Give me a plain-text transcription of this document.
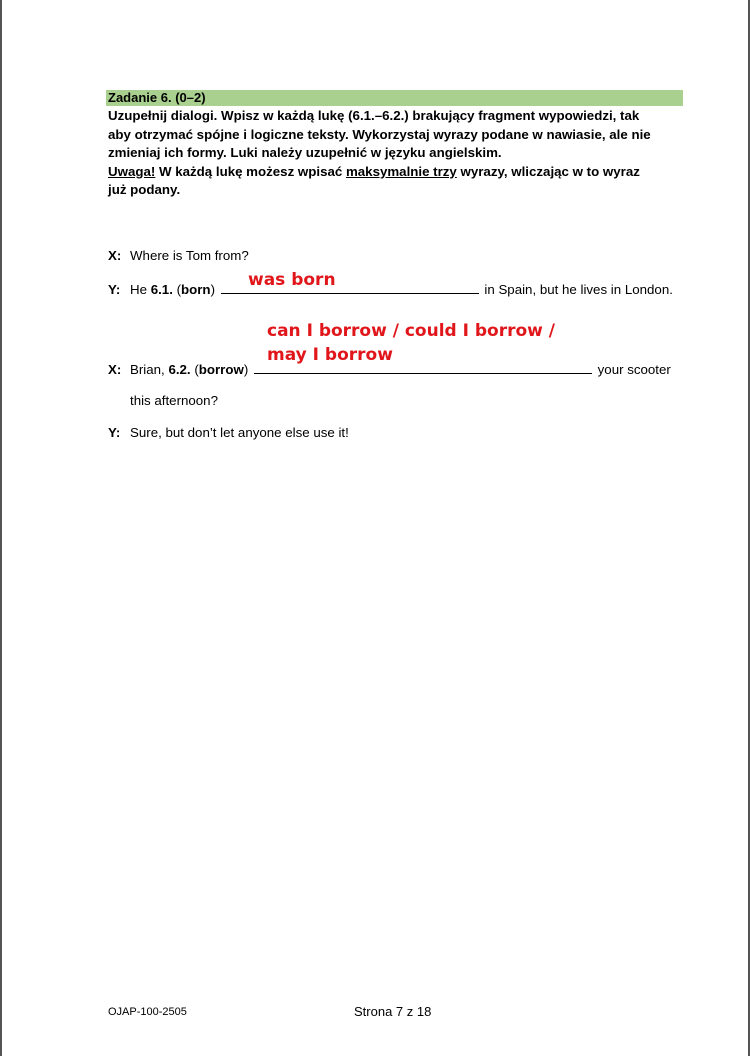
Zadanie 6. (0–2)

Uzupełnij dialogi. Wpisz w każdą lukę (6.1.–6.2.) brakujący fragment wypowiedzi, tak

aby otrzymać spójne i logiczne teksty. Wykorzystaj wyrazy podane w nawiasie, ale nie

zmieniaj ich formy. Luki należy uzupełnić w języku angielskim.

Uwaga! W każdą lukę możesz wpisać maksymalnie trzy wyrazy, wliczając w to wyraz

już podany.

X: Where is Tom from?
was born
Y: He 6.1. (born)	in Spain, but he lives in London.
can I borrow / could I borrow /
may I borrow
X: Brian, 6.2. (borrow)	your scooter
this afternoon?
Y: Sure, but don’t let anyone else use it!
OJAP-100-2505	Strona 7 z 18
